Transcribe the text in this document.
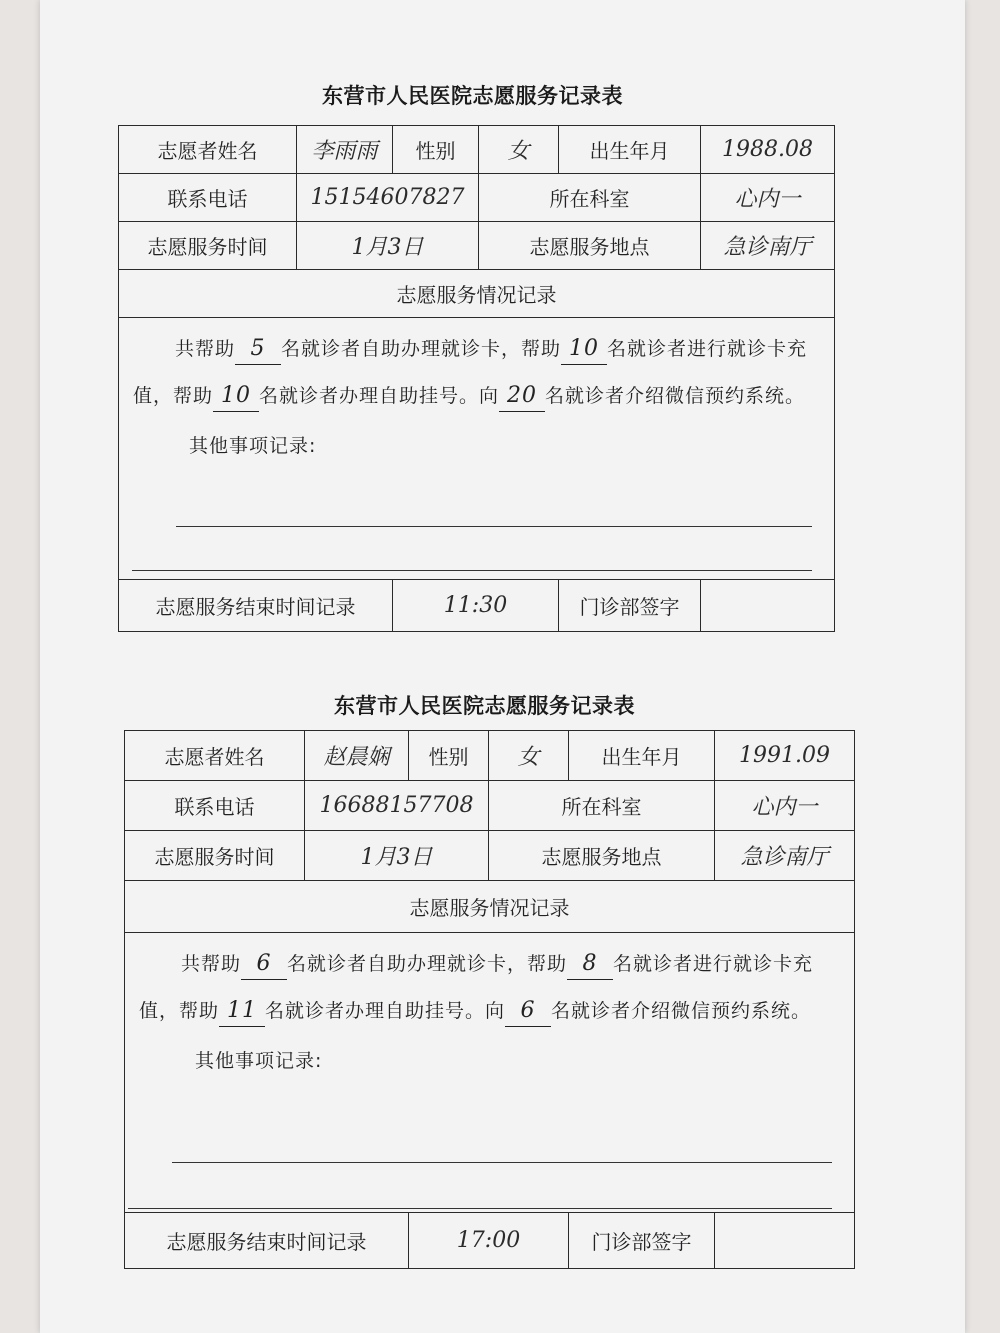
东营市人民医院志愿服务记录表
志愿者姓名	李雨雨	性别	女	出生年月	1988.08
联系电话	15154607827		所在科室		心内一
志愿服务时间	1月3日		志愿服务地点		急诊南厅
志愿服务情况记录					

共帮助 5 名就诊者自助办理就诊卡，帮助 10 名就诊者进行就诊卡充值，帮助 10 名就诊者办理自助挂号。向 20 名就诊者介绍微信预约系统。
其他事项记录:					

志愿服务结束时间记录		11:30		门诊部签字	
东营市人民医院志愿服务记录表
志愿者姓名	赵晨娴	性别	女	出生年月	1991.09
联系电话	16688157708		所在科室		心内一
志愿服务时间	1月3日		志愿服务地点		急诊南厅
志愿服务情况记录					

共帮助 6 名就诊者自助办理就诊卡，帮助 8 名就诊者进行就诊卡充值，帮助 11 名就诊者办理自助挂号。向 6 名就诊者介绍微信预约系统。
其他事项记录:					

志愿服务结束时间记录		17:00		门诊部签字	
